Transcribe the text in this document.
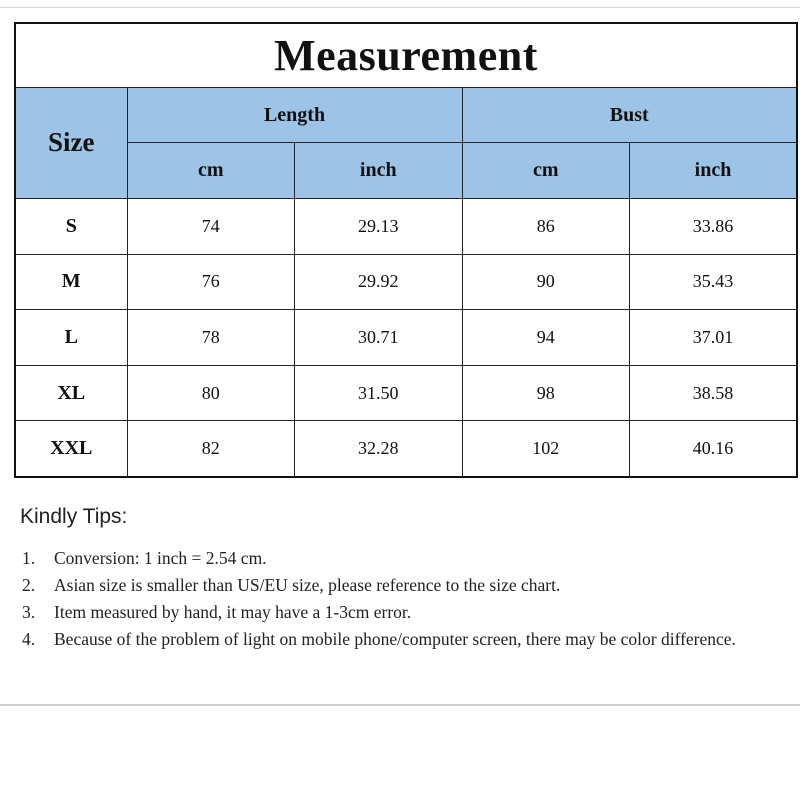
Measurement				
Size	Length		Bust	
	cm	inch	cm	inch
S	74	29.13	86	33.86
M	76	29.92	90	35.43
L	78	30.71	94	37.01
XL	80	31.50	98	38.58
XXL	82	32.28	102	40.16
Kindly Tips:
1. Conversion: 1 inch = 2.54 cm.
2. Asian size is smaller than US/EU size, please reference to the size chart.
3. Item measured by hand, it may have a 1-3cm error.
4. Because of the problem of light on mobile phone/computer screen, there may be color difference.
